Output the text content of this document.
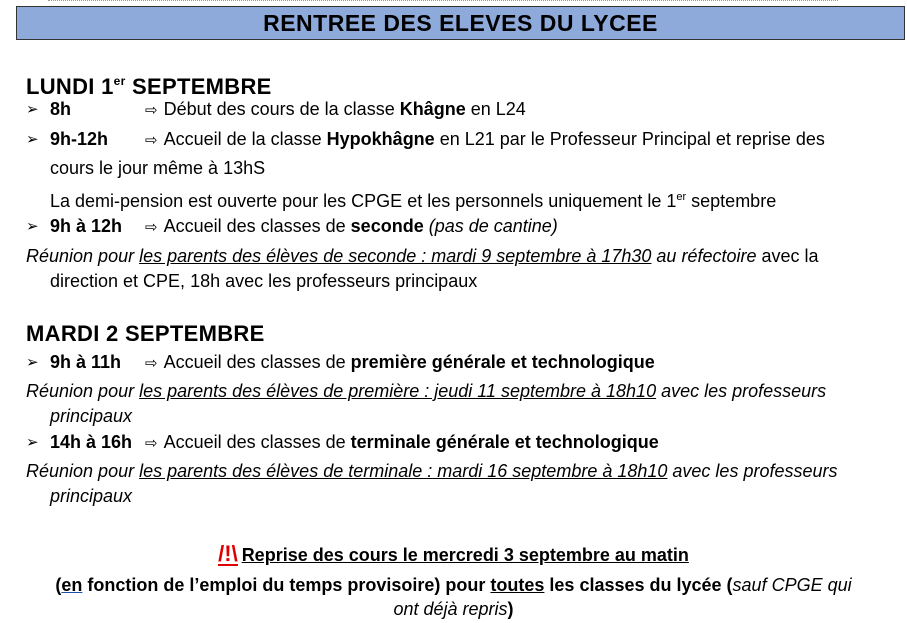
RENTREE DES ELEVES DU LYCEE
LUNDI 1er SEPTEMBRE
➢ 8h	⇨ Début des cours de la classe Khâgne en L24
➢ 9h-12h ⇨ Accueil de la classe Hypokhâgne en L21 par le Professeur Principal et reprise des
cours le jour même à 13hS
La demi-pension est ouverte pour les CPGE et les personnels uniquement le 1er septembre
➢ 9h à 12h ⇨ Accueil des classes de seconde (pas de cantine)
Réunion pour les parents des élèves de seconde : mardi 9 septembre à 17h30 au réfectoire avec la
direction et CPE, 18h avec les professeurs principaux
MARDI 2 SEPTEMBRE
➢ 9h à 11h ⇨ Accueil des classes de première générale et technologique
Réunion pour les parents des élèves de première : jeudi 11 septembre à 18h10 avec les professeurs
principaux
➢ 14h à 16h ⇨ Accueil des classes de terminale générale et technologique
Réunion pour les parents des élèves de terminale : mardi 16 septembre à 18h10 avec les professeurs
principaux
/!\ Reprise des cours le mercredi 3 septembre au matin
(en fonction de l’emploi du temps provisoire) pour toutes les classes du lycée (sauf CPGE qui
ont déjà repris)
